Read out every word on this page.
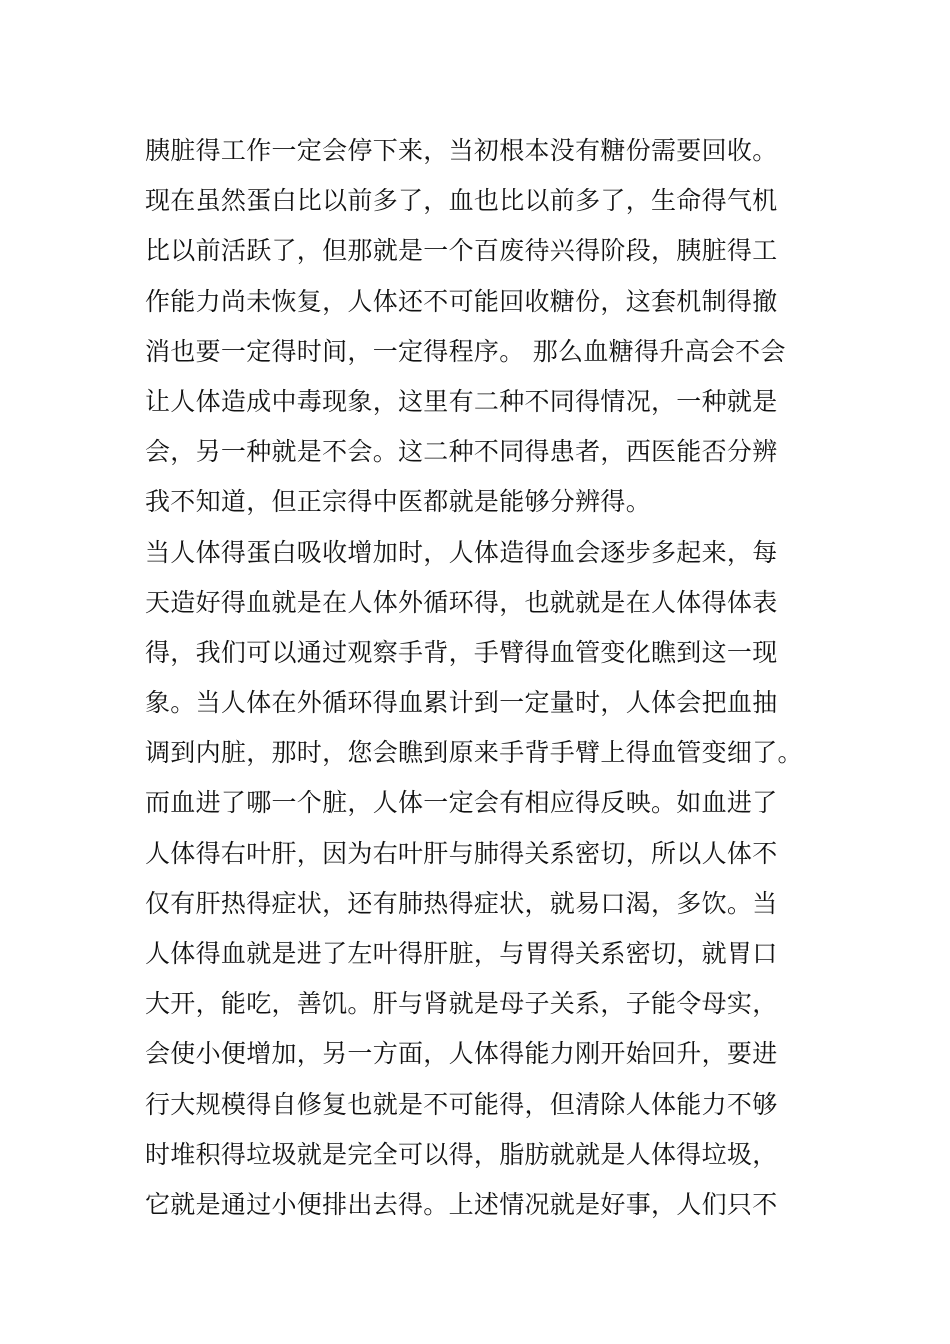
胰脏得工作一定会停下来，当初根本没有糖份需要回收。
现在虽然蛋白比以前多了，血也比以前多了，生命得气机
比以前活跃了，但那就是一个百废待兴得阶段，胰脏得工
作能力尚未恢复，人体还不可能回收糖份，这套机制得撤
消也要一定得时间，一定得程序。 那么血糖得升高会不会
让人体造成中毒现象，这里有二种不同得情况，一种就是
会，另一种就是不会。这二种不同得患者，西医能否分辨
我不知道，但正宗得中医都就是能够分辨得。
当人体得蛋白吸收增加时，人体造得血会逐步多起来，每
天造好得血就是在人体外循环得，也就就是在人体得体表
得，我们可以通过观察手背，手臂得血管变化瞧到这一现
象。当人体在外循环得血累计到一定量时，人体会把血抽
调到内脏，那时，您会瞧到原来手背手臂上得血管变细了。
而血进了哪一个脏，人体一定会有相应得反映。如血进了
人体得右叶肝，因为右叶肝与肺得关系密切，所以人体不
仅有肝热得症状，还有肺热得症状，就易口渴，多饮。当
人体得血就是进了左叶得肝脏，与胃得关系密切，就胃口
大开，能吃，善饥。肝与肾就是母子关系，子能令母实，
会使小便增加，另一方面，人体得能力刚开始回升，要进
行大规模得自修复也就是不可能得，但清除人体能力不够
时堆积得垃圾就是完全可以得，脂肪就就是人体得垃圾，
它就是通过小便排出去得。上述情况就是好事，人们只不
